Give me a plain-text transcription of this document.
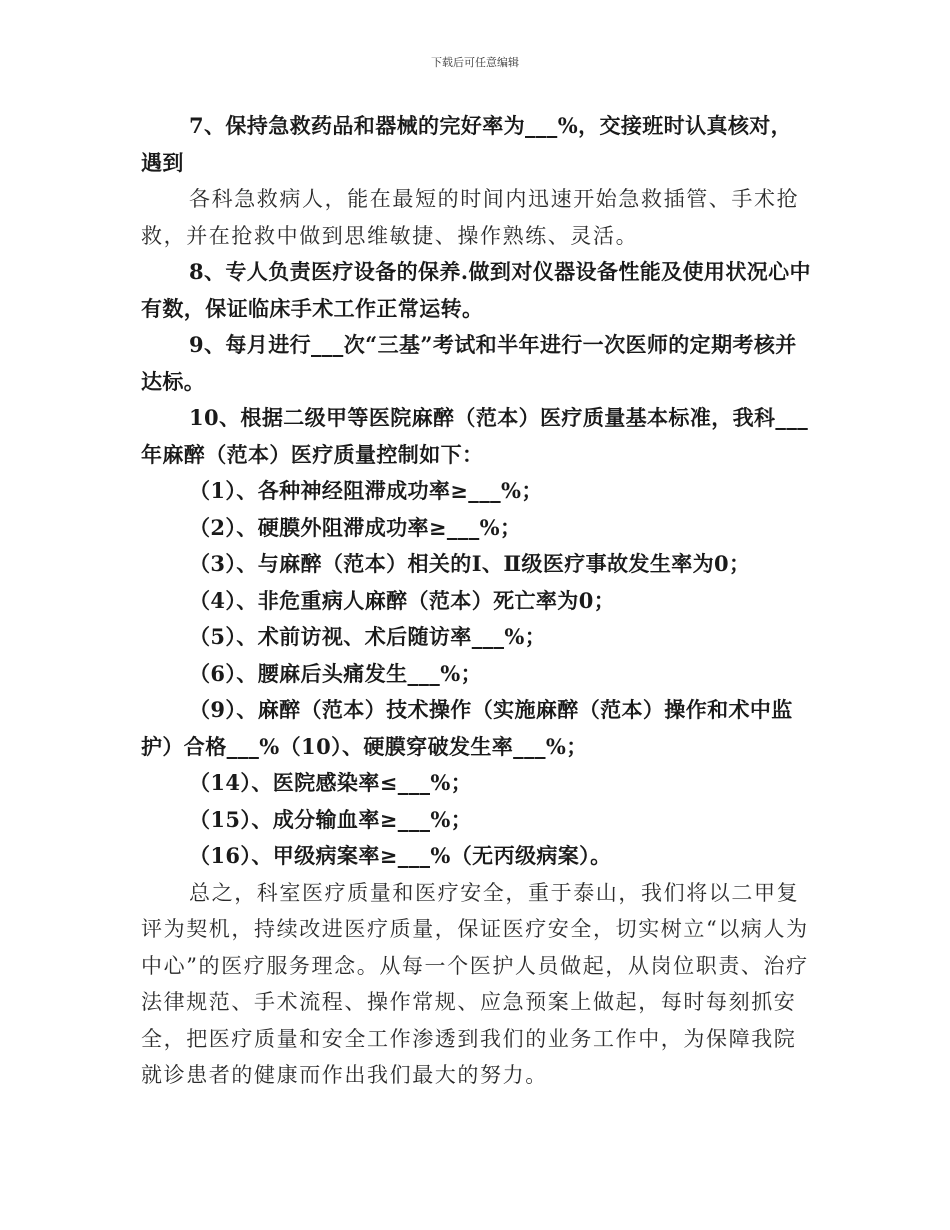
下载后可任意编辑

7、保持急救药品和器械的完好率为___%，交接班时认真核对，遇到

各科急救病人，能在最短的时间内迅速开始急救插管、手术抢救，并在抢救中做到思维敏捷、操作熟练、灵活。

8、专人负责医疗设备的保养.做到对仪器设备性能及使用状况心中有数，保证临床手术工作正常运转。

9、每月进行___次“三基”考试和半年进行一次医师的定期考核并达标。

10、根据二级甲等医院麻醉（范本）医疗质量基本标准，我科___年麻醉（范本）医疗质量控制如下：

（1）、各种神经阻滞成功率≥___%；

（2）、硬膜外阻滞成功率≥___%；

（3）、与麻醉（范本）相关的Ⅰ、Ⅱ级医疗事故发生率为0；

（4）、非危重病人麻醉（范本）死亡率为0；

（5）、术前访视、术后随访率___%；

（6）、腰麻后头痛发生___%；

（9）、麻醉（范本）技术操作（实施麻醉（范本）操作和术中监护）合格___%（10）、硬膜穿破发生率___%；

（14）、医院感染率≤___%；

（15）、成分输血率≥___%；

（16）、甲级病案率≥___%（无丙级病案）。

总之，科室医疗质量和医疗安全，重于泰山，我们将以二甲复评为契机，持续改进医疗质量，保证医疗安全，切实树立“以病人为中心”的医疗服务理念。从每一个医护人员做起，从岗位职责、治疗法律规范、手术流程、操作常规、应急预案上做起，每时每刻抓安全，把医疗质量和安全工作渗透到我们的业务工作中，为保障我院就诊患者的健康而作出我们最大的努力。
